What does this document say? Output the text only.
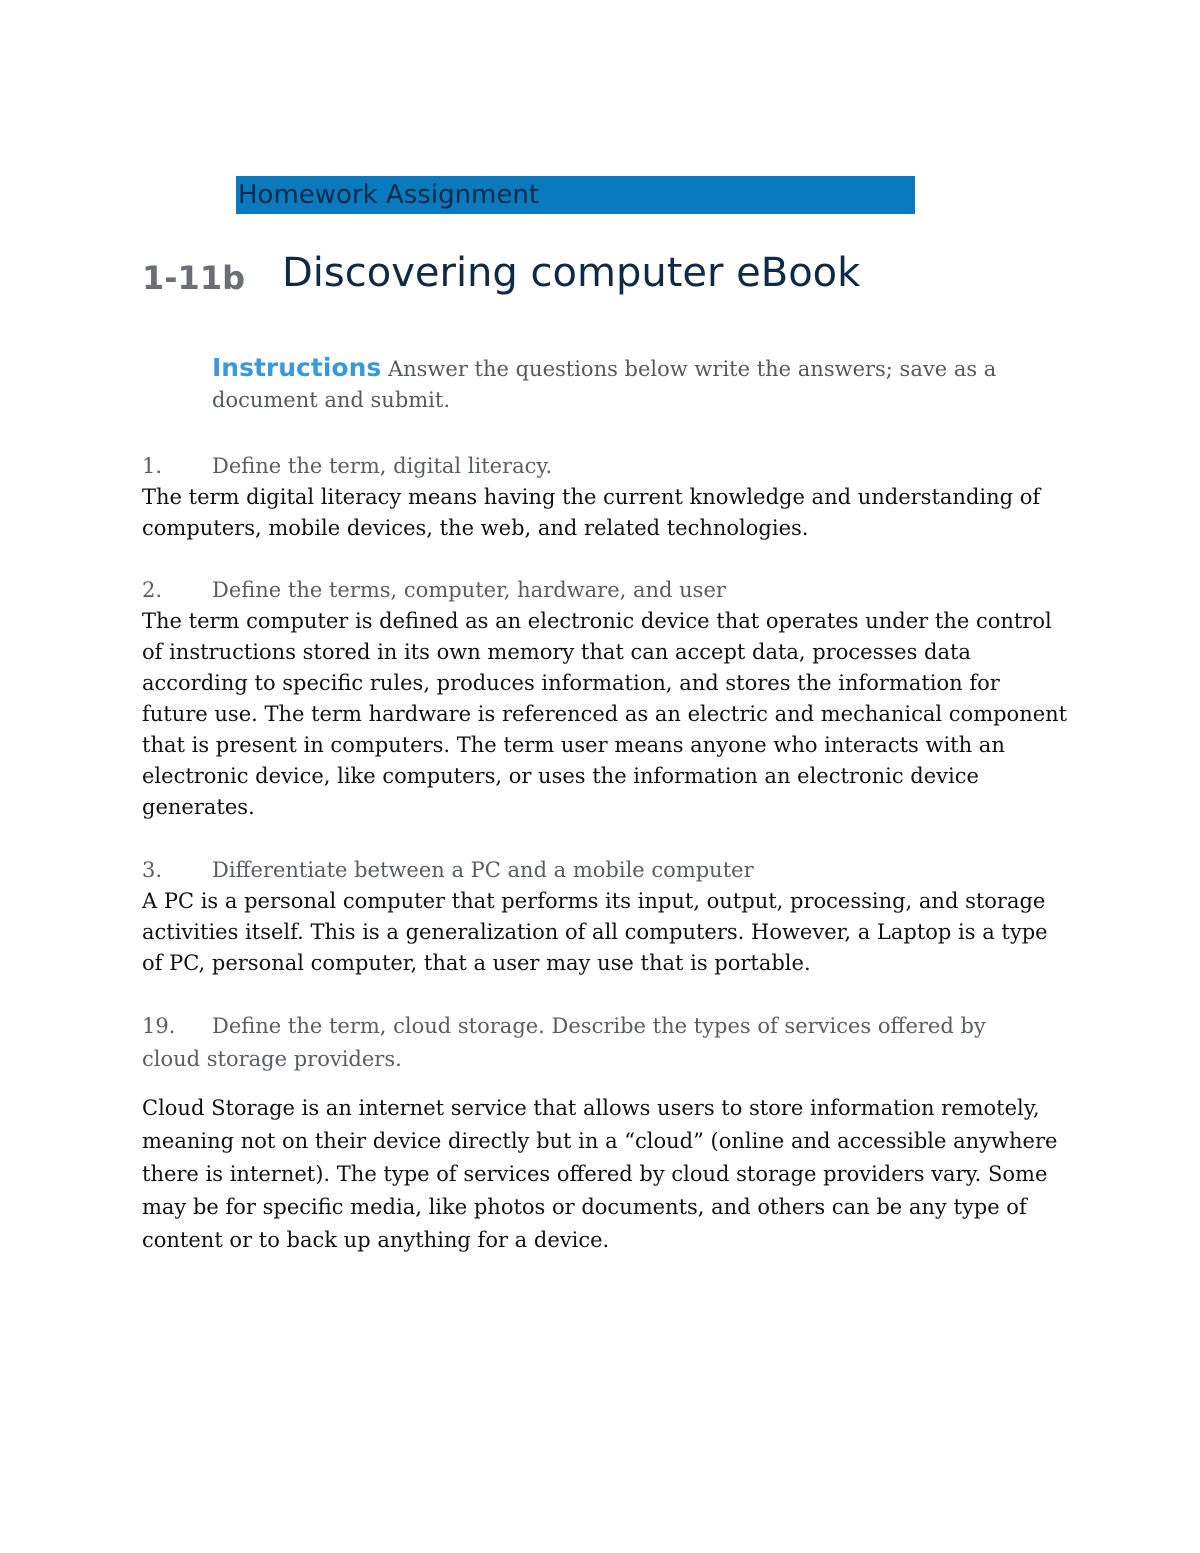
Homework Assignment
1-11b Discovering computer eBook
Instructions Answer the questions below write the answers; save as a document and submit.
1. Define the term, digital literacy.
The term digital literacy means having the current knowledge and understanding of computers, mobile devices, the web, and related technologies.
2. Define the terms, computer, hardware, and user
The term computer is defined as an electronic device that operates under the control of instructions stored in its own memory that can accept data, processes data according to specific rules, produces information, and stores the information for future use. The term hardware is referenced as an electric and mechanical component that is present in computers. The term user means anyone who interacts with an electronic device, like computers, or uses the information an electronic device generates.
3. Differentiate between a PC and a mobile computer
A PC is a personal computer that performs its input, output, processing, and storage activities itself. This is a generalization of all computers. However, a Laptop is a type of PC, personal computer, that a user may use that is portable.
19. Define the term, cloud storage. Describe the types of services offered by cloud storage providers.
Cloud Storage is an internet service that allows users to store information remotely, meaning not on their device directly but in a “cloud” (online and accessible anywhere there is internet). The type of services offered by cloud storage providers vary. Some may be for specific media, like photos or documents, and others can be any type of content or to back up anything for a device.
